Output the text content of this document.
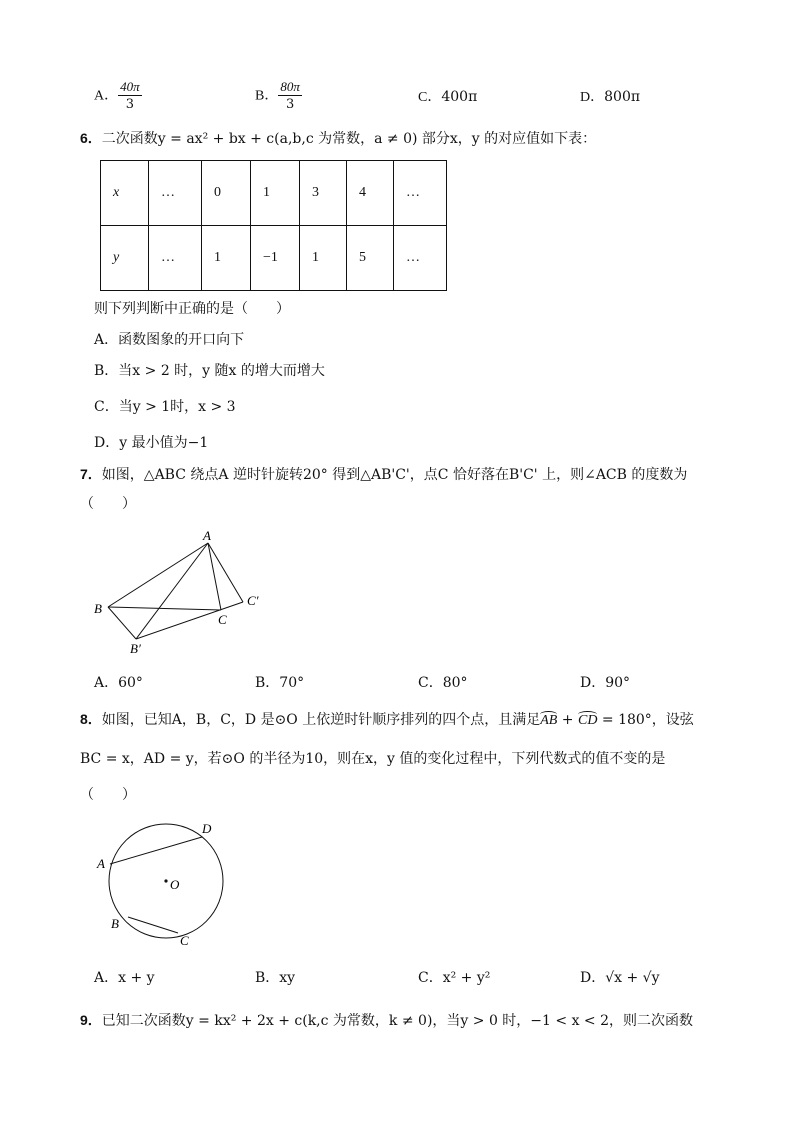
A． $\frac{40\pi}{3}$	B． $\frac{80\pi}{3}$	C．400π	D．800π
6．二次函数y = ax² + bx + c(a,b,c 为常数，a ≠ 0) 部分x，y 的对应值如下表：
x	…	0	1	3	4	…
y	…	1	−1	1	5	…
则下列判断中正确的是（　　）
A．函数图象的开口向下
B．当x > 2 时，y 随x 的增大而增大
C．当y > 1时，x > 3
D．y 最小值为−1
7．如图，△ABC 绕点A 逆时针旋转20° 得到△AB'C'，点C 恰好落在B'C' 上，则∠ACB 的度数为
（　　）
A
B
C
C′
B′
A．60°	B．70°	C．80°	D．90°
8．如图，已知A，B，C，D 是⊙O 上依逆时针顺序排列的四个点，且满足AB + CD = 180°，设弦
BC = x，AD = y，若⊙O 的半径为10，则在x，y 值的变化过程中，下列代数式的值不变的是
（　　）
D
A
O
B
C
A．x + y	B．xy	C．x² + y²	D．√x + √y
9．已知二次函数y = kx² + 2x + c(k,c 为常数，k ≠ 0)，当y > 0 时，−1 < x < 2，则二次函数
